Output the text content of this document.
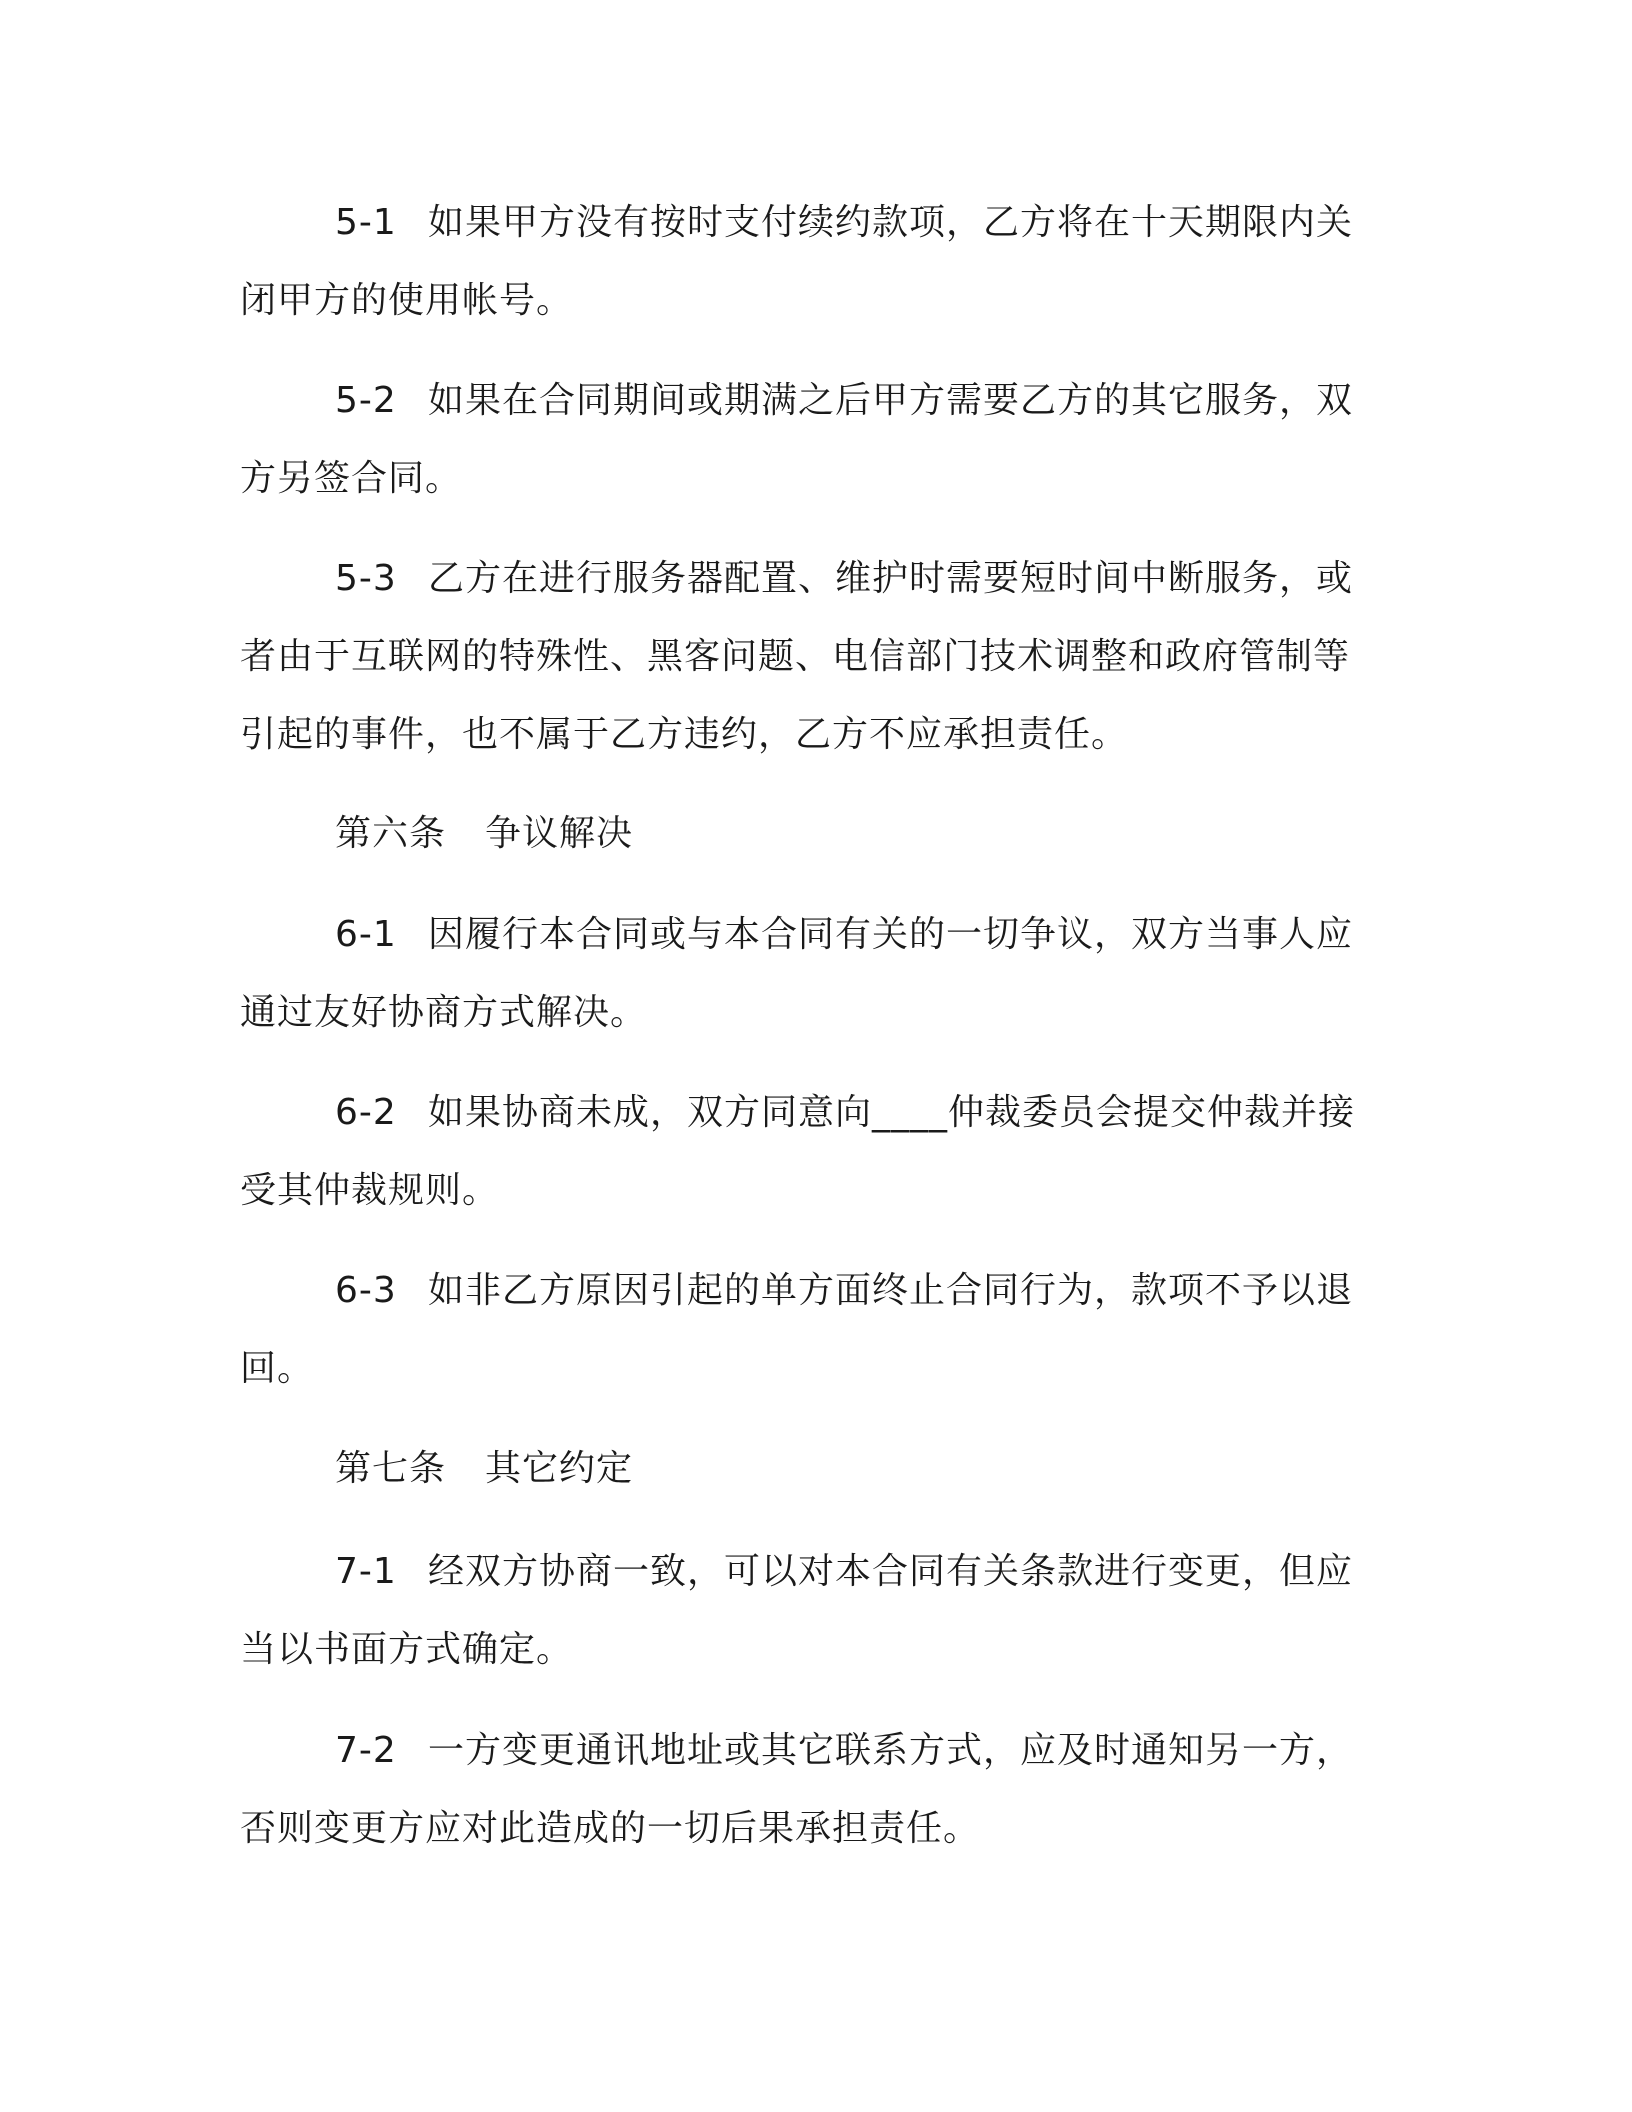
5-1 如果甲方没有按时支付续约款项，乙方将在十天期限内关
闭甲方的使用帐号。
5-2 如果在合同期间或期满之后甲方需要乙方的其它服务，双
方另签合同。
5-3 乙方在进行服务器配置、维护时需要短时间中断服务，或
者由于互联网的特殊性、黑客问题、电信部门技术调整和政府管制等
引起的事件，也不属于乙方违约，乙方不应承担责任。
第六条 争议解决
6-1 因履行本合同或与本合同有关的一切争议，双方当事人应
通过友好协商方式解决。
6-2 如果协商未成，双方同意向____仲裁委员会提交仲裁并接
受其仲裁规则。
6-3 如非乙方原因引起的单方面终止合同行为，款项不予以退
回。
第七条 其它约定
7-1 经双方协商一致，可以对本合同有关条款进行变更，但应
当以书面方式确定。
7-2 一方变更通讯地址或其它联系方式，应及时通知另一方，
否则变更方应对此造成的一切后果承担责任。
